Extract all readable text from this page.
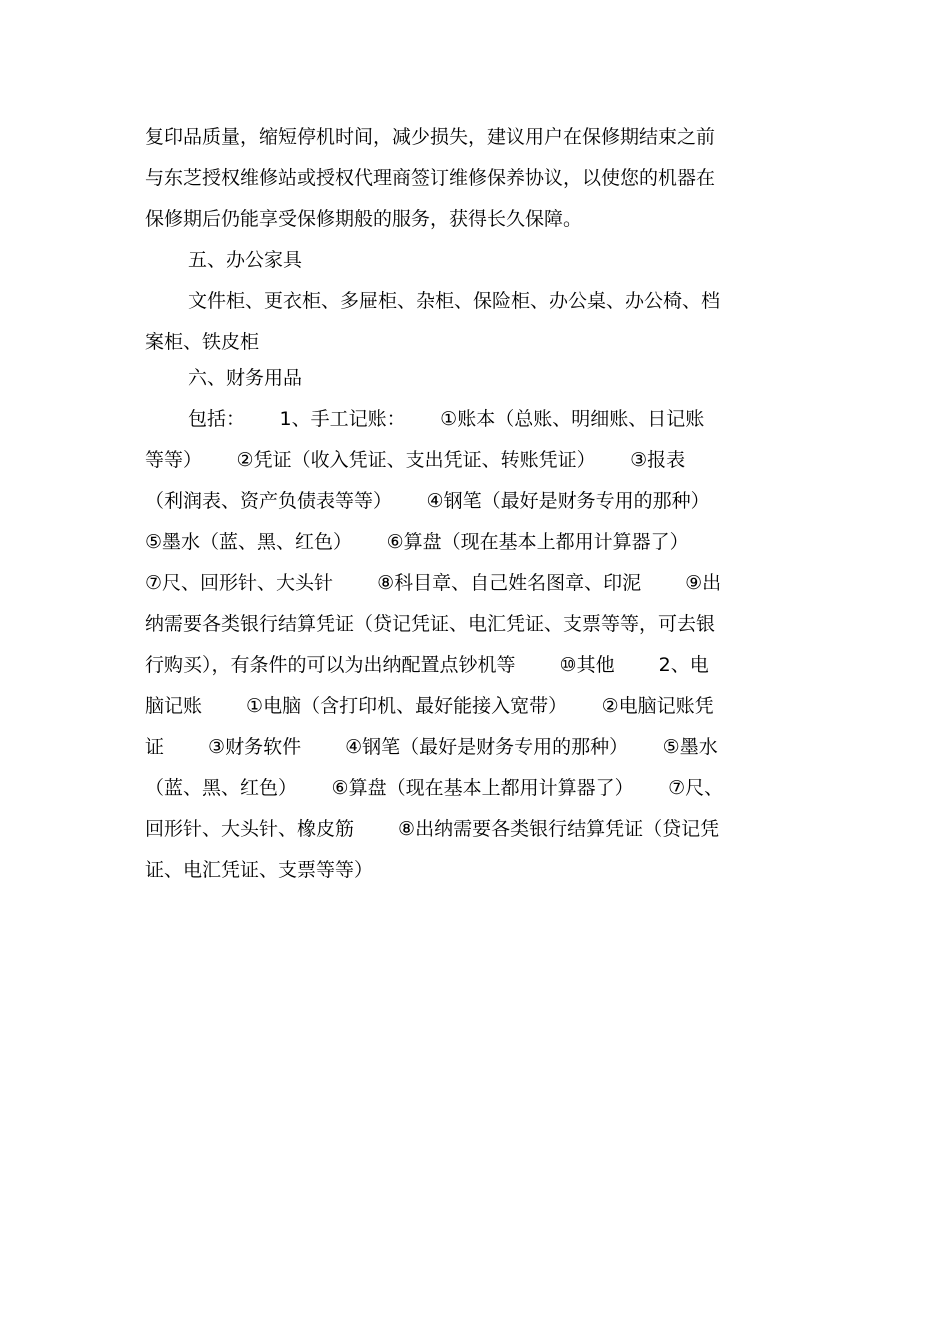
复印品质量，缩短停机时间，减少损失，建议用户在保修期结束之前
与东芝授权维修站或授权代理商签订维修保养协议，以使您的机器在
保修期后仍能享受保修期般的服务，获得长久保障。
五、办公家具
文件柜、更衣柜、多屉柜、杂柜、保险柜、办公桌、办公椅、档
案柜、铁皮柜
六、财务用品
包括：　　 1、手工记账：　　 ①账本（总账、明细账、日记账
等等）　　 ②凭证（收入凭证、支出凭证、转账凭证）　　 ③报表
（利润表、资产负债表等等）　　 ④钢笔（最好是财务专用的那种）
⑤墨水（蓝、黑、红色）　　 ⑥算盘（现在基本上都用计算器了）
⑦尺、回形针、大头针　　 ⑧科目章、自己姓名图章、印泥　　 ⑨出
纳需要各类银行结算凭证（贷记凭证、电汇凭证、支票等等，可去银
行购买），有条件的可以为出纳配置点钞机等　　 ⑩其他　　 2、电
脑记账　　 ①电脑（含打印机、最好能接入宽带）　　 ②电脑记账凭
证　　 ③财务软件　　 ④钢笔（最好是财务专用的那种）　　 ⑤墨水
（蓝、黑、红色）　　 ⑥算盘（现在基本上都用计算器了）　　 ⑦尺、
回形针、大头针、橡皮筋　　 ⑧出纳需要各类银行结算凭证（贷记凭
证、电汇凭证、支票等等）
